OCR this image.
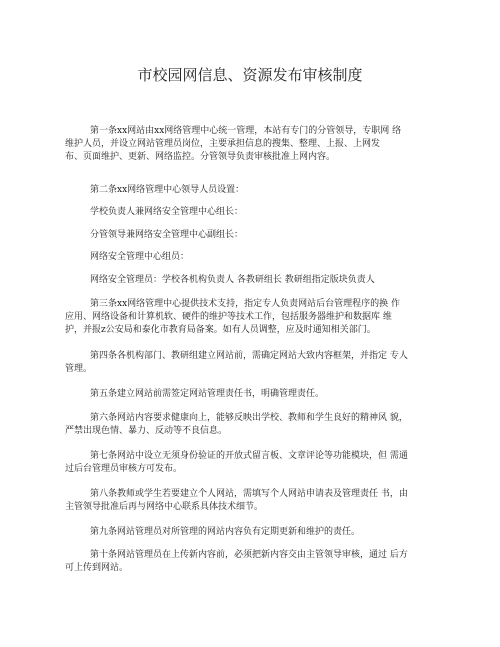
市校园网信息、资源发布审核制度
第一条xx网站由xx网络管理中心统一管理，本站有专门的分管领导，专职网 络
维护人员，并设立网站管理员岗位，主要承担信息的搜集、整理、上报、上网发
布、页面维护、更新、网络监控。分管领导负责审核批准上网内容。
第二条xx网络管理中心领导人员设置：
学校负责人兼网络安全管理中心组长：
分管领导兼网络安全管理中心副组长：
网络安全管理中心组员：
网络安全管理员：学校各机构负责人 各教研组长 教研组指定版块负责人
第三条xx网络管理中心提供技术支持，指定专人负责网站后台管理程序的换 作
应用、网络设备和计算机软、硬件的维护等技术工作，包括服务器维护和数据库 维
护，并报z公安局和泰化市教育局备案。如有人员调整，应及时通知相关部门。
第四条各机构部门、教研组建立网站前，需确定网站大致内容框架，并指定 专人
管理。
第五条建立网站前需签定网站管理责任书，明确管理责任。
第六条网站内容要求健康向上，能够反映出学校、教师和学生良好的精神风 貌，
严禁出现色情、暴力、反动等不良信息。
第七条网站中设立无须身份验证的开放式留言板、文章评论等功能模块，但 需通
过后台管理员审核方可发布。
第八条教师或学生若要建立个人网站，需填写个人网站申请表及管理责任 书，由
主管领导批准后再与网络中心联系具体技术细节。
第九条网站管理员对所管理的网站内容负有定期更新和维护的责任。
第十条网站管理员在上传新内容前，必须把新内容交由主管领导审核，通过 后方
可上传到网站。
